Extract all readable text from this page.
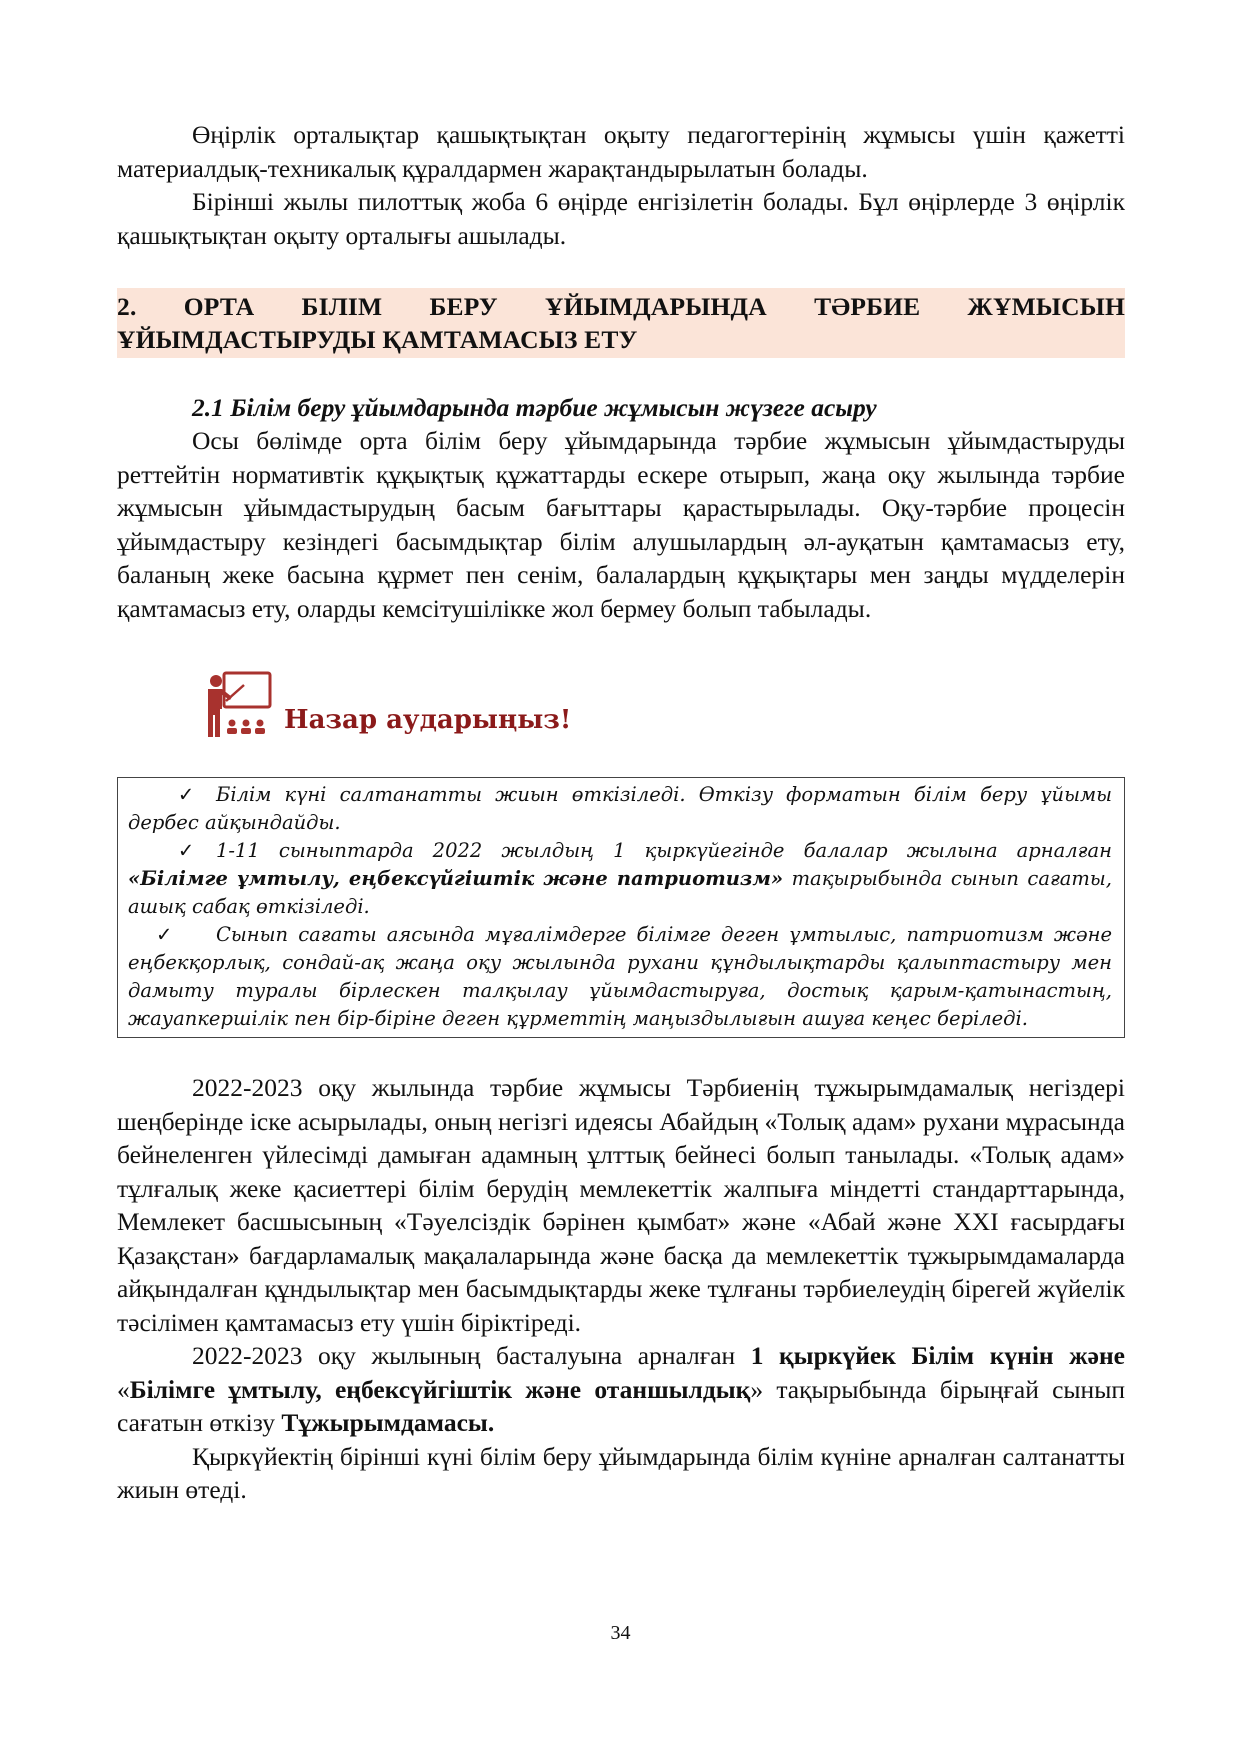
Өңірлік орталықтар қашықтықтан оқыту педагогтерінің жұмысы үшін қажетті материалдық-техникалық құралдармен жарақтандырылатын болады.

Бірінші жылы пилоттық жоба 6 өңірде енгізілетін болады. Бұл өңірлерде 3 өңірлік қашықтықтан оқыту орталығы ашылады.

2. ОРТА БІЛІМ БЕРУ ҰЙЫМДАРЫНДА ТӘРБИЕ ЖҰМЫСЫН ҰЙЫМДАСТЫРУДЫ ҚАМТАМАСЫЗ ЕТУ

2.1 Білім беру ұйымдарында тәрбие жұмысын жүзеге асыру

Осы бөлімде орта білім беру ұйымдарында тәрбие жұмысын ұйымдастыруды реттейтін нормативтік құқықтық құжаттарды ескере отырып, жаңа оқу жылында тәрбие жұмысын ұйымдастырудың басым бағыттары қарастырылады. Оқу-тәрбие процесін ұйымдастыру кезіндегі басымдықтар білім алушылардың әл-ауқатын қамтамасыз ету, баланың жеке басына құрмет пен сенім, балалардың құқықтары мен заңды мүдделерін қамтамасыз ету, оларды кемсітушілікке жол бермеу болып табылады.

Назар аударыңыз!

✓ Білім күні салтанатты жиын өткізіледі. Өткізу форматын білім беру ұйымы дербес айқындайды.

✓ 1-11 сыныптарда 2022 жылдың 1 қыркүйегінде балалар жылына арналған «Білімге ұмтылу, еңбексүйгіштік және патриотизм» тақырыбында сынып сағаты, ашық сабақ өткізіледі.

✓ Сынып сағаты аясында мұғалімдерге білімге деген ұмтылыс, патриотизм және еңбекқорлық, сондай-ақ жаңа оқу жылында рухани құндылықтарды қалыптастыру мен дамыту туралы бірлескен талқылау ұйымдастыруға, достық қарым-қатынастың, жауапкершілік пен бір-біріне деген құрметтің маңыздылығын ашуға кеңес беріледі.

2022-2023 оқу жылында тәрбие жұмысы Тәрбиенің тұжырымдамалық негіздері шеңберінде іске асырылады, оның негізгі идеясы Абайдың «Толық адам» рухани мұрасында бейнеленген үйлесімді дамыған адамның ұлттық бейнесі болып танылады. «Толық адам» тұлғалық жеке қасиеттері білім берудің мемлекеттік жалпыға міндетті стандарттарында, Мемлекет басшысының «Тәуелсіздік бәрінен қымбат» және «Абай және XXI ғасырдағы Қазақстан» бағдарламалық мақалаларында және басқа да мемлекеттік тұжырымдамаларда айқындалған құндылықтар мен басымдықтарды жеке тұлғаны тәрбиелеудің бірегей жүйелік тәсілімен қамтамасыз ету үшін біріктіреді.

2022-2023 оқу жылының басталуына арналған 1 қыркүйек Білім күнін және «Білімге ұмтылу, еңбексүйгіштік және отаншылдық» тақырыбында бірыңғай сынып сағатын өткізу Тұжырымдамасы.

Қыркүйектің бірінші күні білім беру ұйымдарында білім күніне арналған салтанатты жиын өтеді.

34
